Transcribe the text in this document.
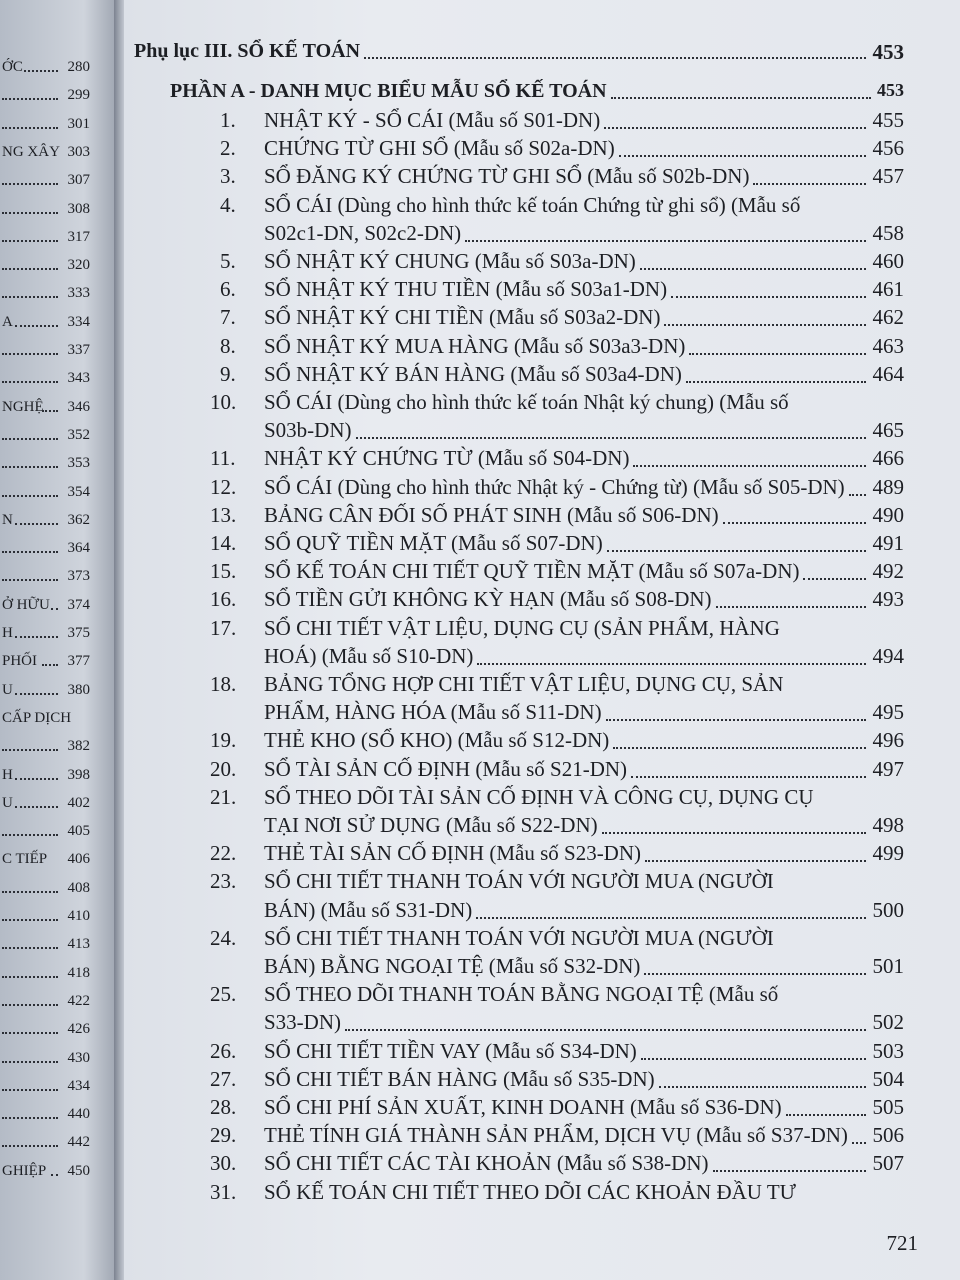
ỚC	280
299
301
NG XÂY 303
307
308
317
320
333
A	334
337
343
NGHỆ 346
352
353
354
N	362
364
373
Ở HỮU 374
H	375
PHỐI 377
U	380
CẤP DỊCH
382
H	398
U	402
405
C TIẾP 406
408
410
413
418
422
426
430
434
440
442
GHIỆP 450
Phụ lục III. SỔ KẾ TOÁN	453
PHẦN A - DANH MỤC BIỂU MẪU SỔ KẾ TOÁN	453
1. NHẬT KÝ - SỔ CÁI (Mẫu số S01-DN)	455
2. CHỨNG TỪ GHI SỔ (Mẫu số S02a-DN)	456
3. SỔ ĐĂNG KÝ CHỨNG TỪ GHI SỔ (Mẫu số S02b-DN)	457
4. SỔ CÁI (Dùng cho hình thức kế toán Chứng từ ghi sổ) (Mẫu số
S02c1-DN, S02c2-DN)	458
5. SỔ NHẬT KÝ CHUNG (Mẫu số S03a-DN)	460
6. SỔ NHẬT KÝ THU TIỀN (Mẫu số S03a1-DN)	461
7. SỔ NHẬT KÝ CHI TIỀN (Mẫu số S03a2-DN)	462
8. SỔ NHẬT KÝ MUA HÀNG (Mẫu số S03a3-DN)	463
9. SỔ NHẬT KÝ BÁN HÀNG (Mẫu số S03a4-DN)	464
10. SỔ CÁI (Dùng cho hình thức kế toán Nhật ký chung) (Mẫu số
S03b-DN)	465
11. NHẬT KÝ CHỨNG TỪ (Mẫu số S04-DN)	466
12. SỔ CÁI (Dùng cho hình thức Nhật ký - Chứng từ) (Mẫu số S05-DN) 489
13. BẢNG CÂN ĐỐI SỐ PHÁT SINH (Mẫu số S06-DN)	490
14. SỔ QUỸ TIỀN MẶT (Mẫu số S07-DN)	491
15. SỔ KẾ TOÁN CHI TIẾT QUỸ TIỀN MẶT (Mẫu số S07a-DN)	492
16. SỔ TIỀN GỬI KHÔNG KỲ HẠN (Mẫu số S08-DN)	493
17. SỔ CHI TIẾT VẬT LIỆU, DỤNG CỤ (SẢN PHẨM, HÀNG
HOÁ) (Mẫu số S10-DN)	494
18. BẢNG TỔNG HỢP CHI TIẾT VẬT LIỆU, DỤNG CỤ, SẢN
PHẨM, HÀNG HÓA (Mẫu số S11-DN)	495
19. THẺ KHO (SỔ KHO) (Mẫu số S12-DN)	496
20. SỔ TÀI SẢN CỐ ĐỊNH (Mẫu số S21-DN)	497
21. SỔ THEO DÕI TÀI SẢN CỐ ĐỊNH VÀ CÔNG CỤ, DỤNG CỤ
TẠI NƠI SỬ DỤNG (Mẫu số S22-DN)	498
22. THẺ TÀI SẢN CỐ ĐỊNH (Mẫu số S23-DN)	499
23. SỔ CHI TIẾT THANH TOÁN VỚI NGƯỜI MUA (NGƯỜI
BÁN) (Mẫu số S31-DN)	500
24. SỔ CHI TIẾT THANH TOÁN VỚI NGƯỜI MUA (NGƯỜI
BÁN) BẰNG NGOẠI TỆ (Mẫu số S32-DN)	501
25. SỔ THEO DÕI THANH TOÁN BẰNG NGOẠI TỆ (Mẫu số
S33-DN)	502
26. SỔ CHI TIẾT TIỀN VAY (Mẫu số S34-DN)	503
27. SỔ CHI TIẾT BÁN HÀNG (Mẫu số S35-DN)	504
28. SỔ CHI PHÍ SẢN XUẤT, KINH DOANH (Mẫu số S36-DN)	505
29. THẺ TÍNH GIÁ THÀNH SẢN PHẨM, DỊCH VỤ (Mẫu số S37-DN) 506
30. SỔ CHI TIẾT CÁC TÀI KHOẢN (Mẫu số S38-DN)	507
31. SỔ KẾ TOÁN CHI TIẾT THEO DÕI CÁC KHOẢN ĐẦU TƯ
721
